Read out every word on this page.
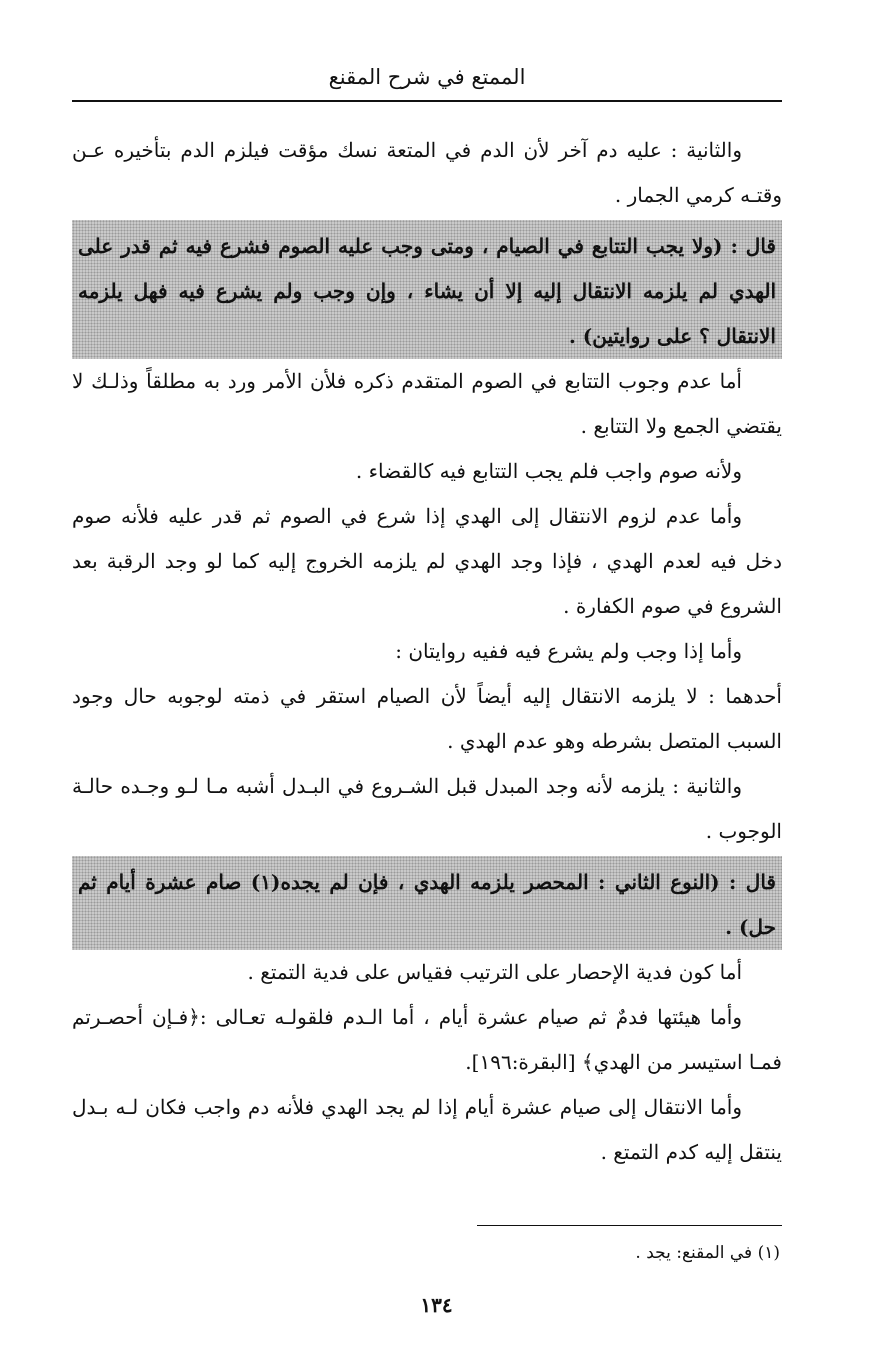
الممتع في شرح المقنع

والثانية : عليه دم آخر لأن الدم في المتعة نسك مؤقت فيلزم الدم بتأخيره عـن وقتـه كرمي الجمار .

قال : (ولا يجب التتابع في الصيام ، ومتى وجب عليه الصوم فشرع فيه ثم قدر على الهدي لم يلزمه الانتقال إليه إلا أن يشاء ، وإن وجب ولم يشرع فيه فهل يلزمه الانتقال ؟ على روايتين) .

أما عدم وجوب التتابع في الصوم المتقدم ذكره فلأن الأمر ورد به مطلقاً وذلـك لا يقتضي الجمع ولا التتابع .

ولأنه صوم واجب فلم يجب التتابع فيه كالقضاء .

وأما عدم لزوم الانتقال إلى الهدي إذا شرع في الصوم ثم قدر عليه فلأنه صوم دخل فيه لعدم الهدي ، فإذا وجد الهدي لم يلزمه الخروج إليه كما لو وجد الرقبة بعد الشروع في صوم الكفارة .

وأما إذا وجب ولم يشرع فيه ففيه روايتان :

أحدهما : لا يلزمه الانتقال إليه أيضاً لأن الصيام استقر في ذمته لوجوبه حال وجود السبب المتصل بشرطه وهو عدم الهدي .

والثانية : يلزمه لأنه وجد المبدل قبل الشـروع في البـدل أشبه مـا لـو وجـده حالـة الوجوب .

قال : (النوع الثاني : المحصر يلزمه الهدي ، فإن لم يجده(١) صام عشرة أيام ثم حل) .

أما كون فدية الإحصار على الترتيب فقياس على فدية التمتع .

وأما هيئتها فدمٌ ثم صيام عشرة أيام ، أما الـدم فلقولـه تعـالى :﴿فـإن أحصـرتم فمـا استيسر من الهدي﴾ [البقرة:١٩٦].

وأما الانتقال إلى صيام عشرة أيام إذا لم يجد الهدي فلأنه دم واجب فكان لـه بـدل ينتقل إليه كدم التمتع .

(١) في المقنع: يجد .
١٣٤
